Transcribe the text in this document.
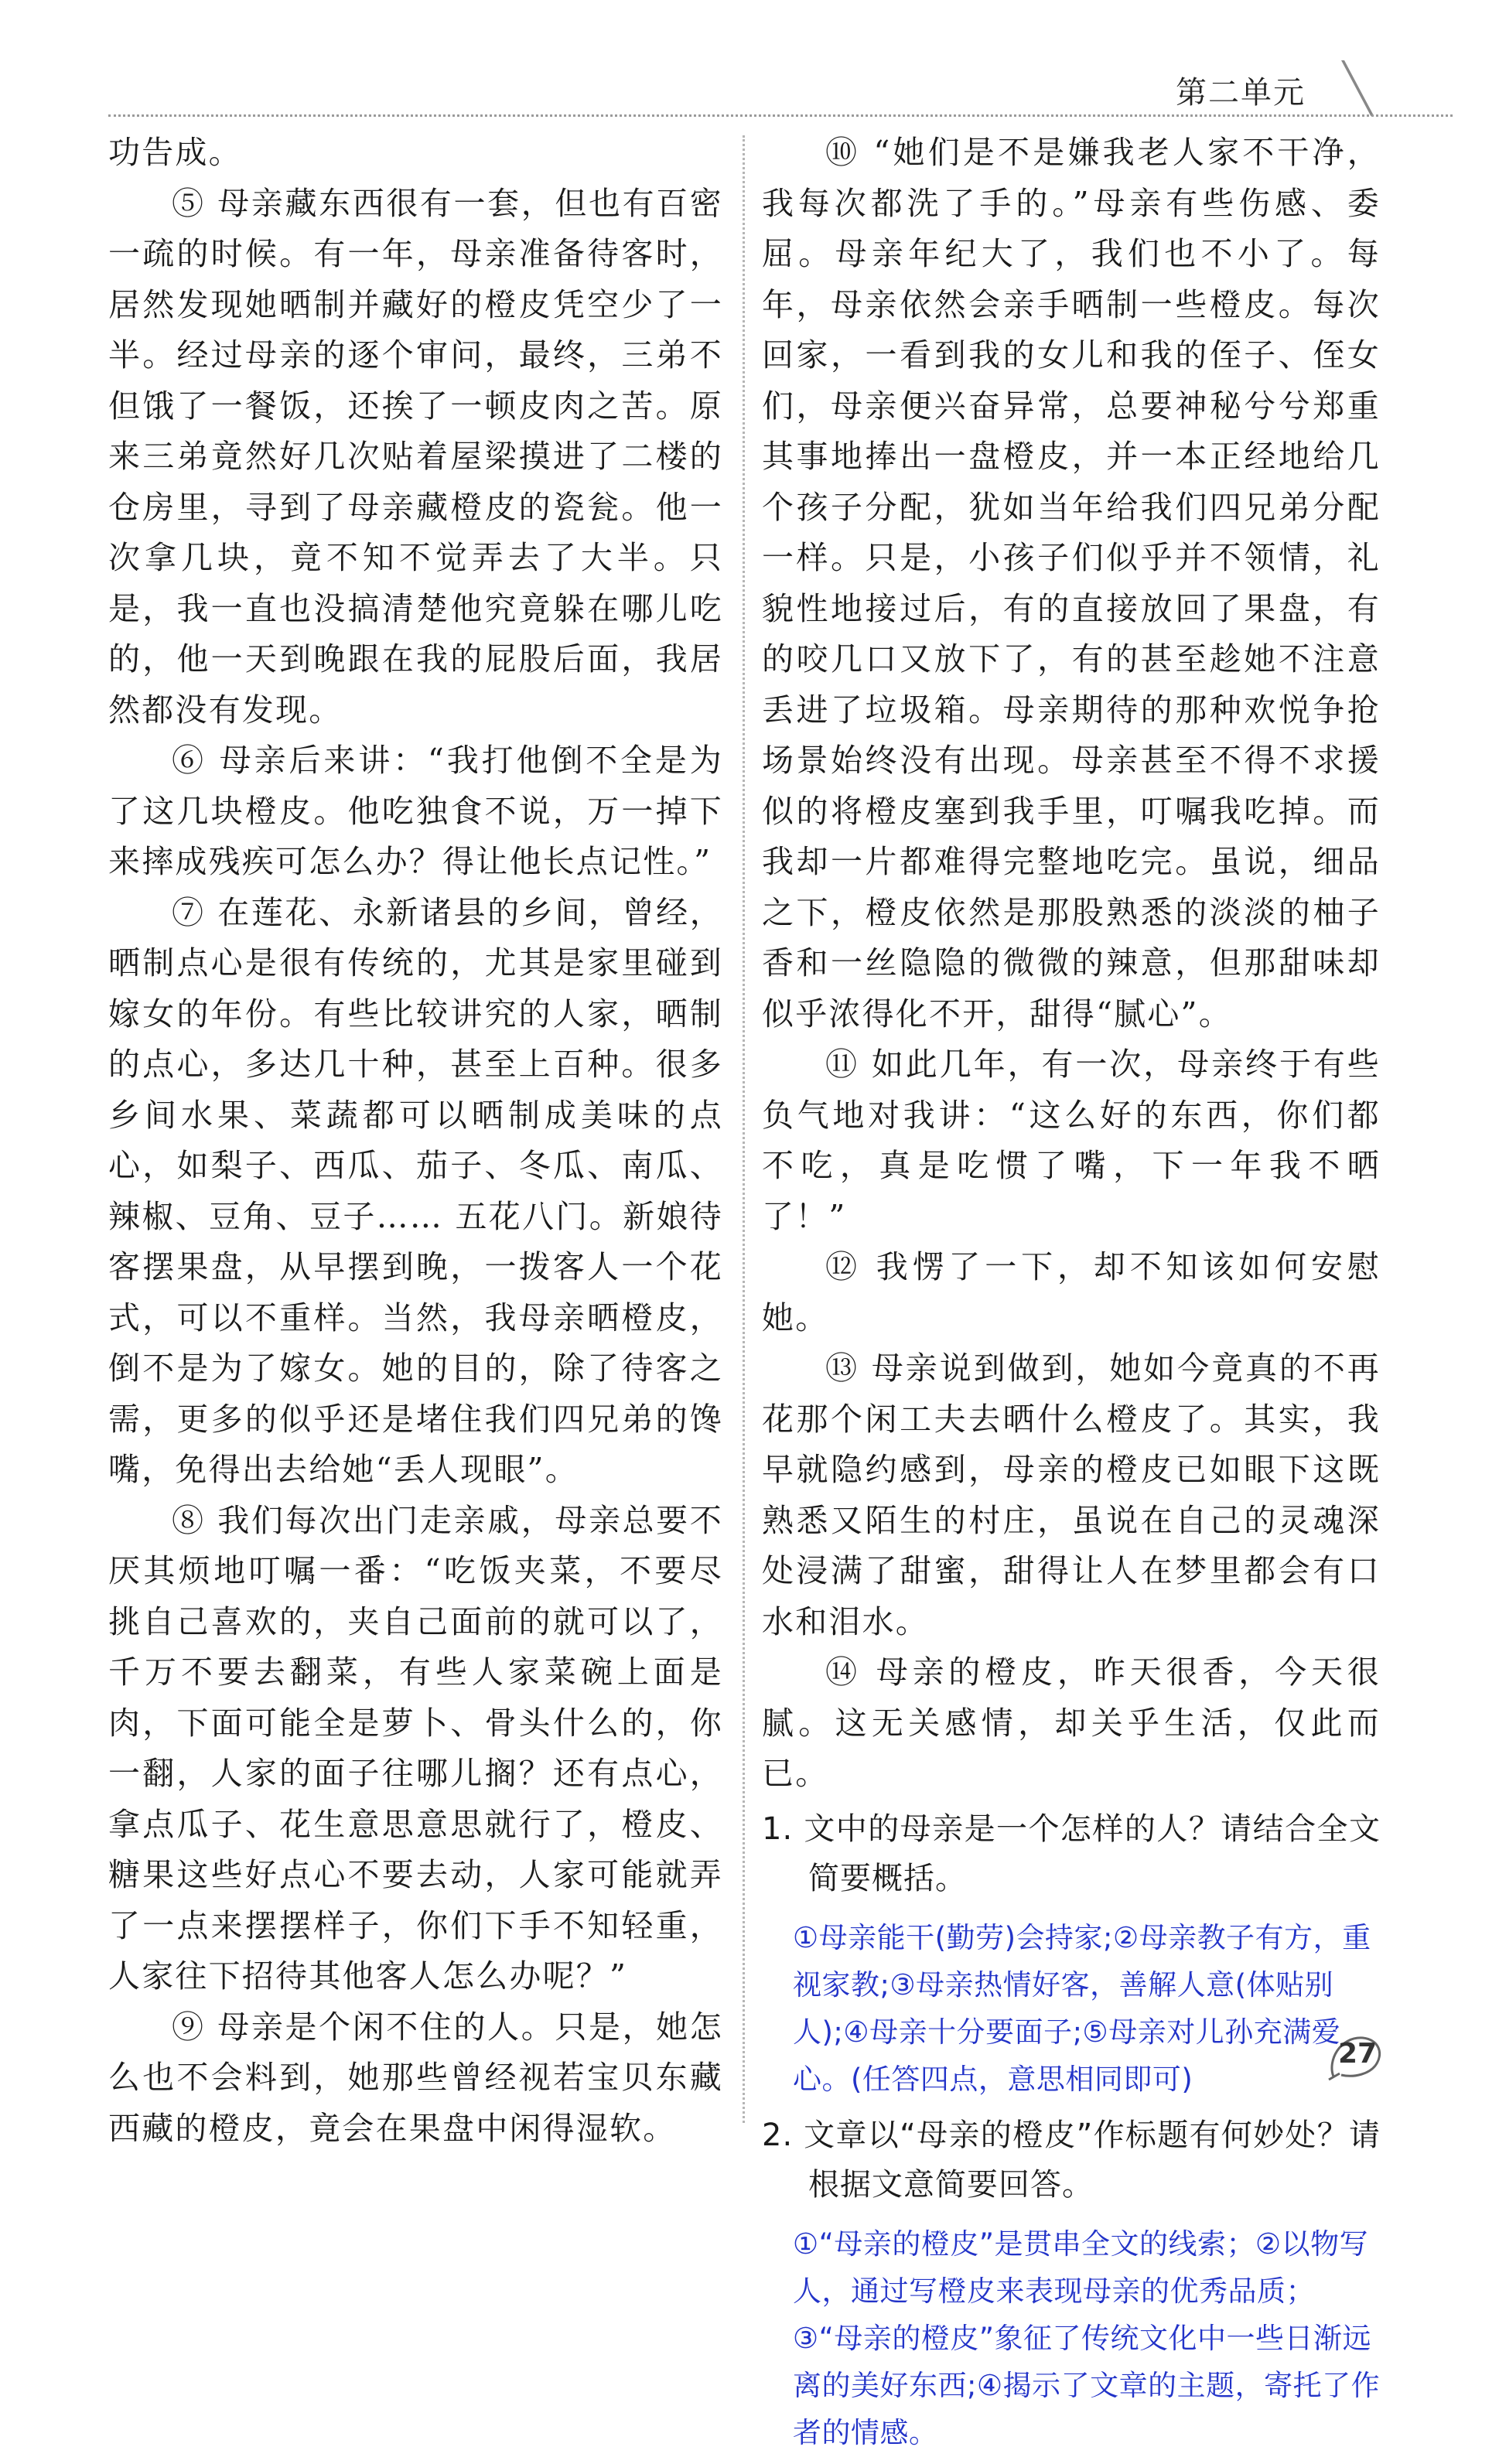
第二单元

功告成。

⑤ 母亲藏东西很有一套，但也有百密一疏的时候。有一年，母亲准备待客时，居然发现她晒制并藏好的橙皮凭空少了一半。经过母亲的逐个审问，最终，三弟不但饿了一餐饭，还挨了一顿皮肉之苦。原来三弟竟然好几次贴着屋梁摸进了二楼的仓房里，寻到了母亲藏橙皮的瓷瓮。他一次拿几块，竟不知不觉弄去了大半。只是，我一直也没搞清楚他究竟躲在哪儿吃的，他一天到晚跟在我的屁股后面，我居然都没有发现。

⑥ 母亲后来讲：“我打他倒不全是为了这几块橙皮。他吃独食不说，万一掉下来摔成残疾可怎么办？得让他长点记性。”

⑦ 在莲花、永新诸县的乡间，曾经，晒制点心是很有传统的，尤其是家里碰到嫁女的年份。有些比较讲究的人家，晒制的点心，多达几十种，甚至上百种。很多乡间水果、菜蔬都可以晒制成美味的点心，如梨子、西瓜、茄子、冬瓜、南瓜、辣椒、豆角、豆子…… 五花八门。新娘待客摆果盘，从早摆到晚，一拨客人一个花式，可以不重样。当然，我母亲晒橙皮，倒不是为了嫁女。她的目的，除了待客之需，更多的似乎还是堵住我们四兄弟的馋嘴，免得出去给她“丢人现眼”。

⑧ 我们每次出门走亲戚，母亲总要不厌其烦地叮嘱一番：“吃饭夹菜，不要尽挑自己喜欢的，夹自己面前的就可以了，千万不要去翻菜，有些人家菜碗上面是肉，下面可能全是萝卜、骨头什么的，你一翻，人家的面子往哪儿搁？还有点心，拿点瓜子、花生意思意思就行了，橙皮、糖果这些好点心不要去动，人家可能就弄了一点来摆摆样子，你们下手不知轻重，人家往下招待其他客人怎么办呢？”

⑨ 母亲是个闲不住的人。只是，她怎么也不会料到，她那些曾经视若宝贝东藏西藏的橙皮，竟会在果盘中闲得湿软。

⑩ “她们是不是嫌我老人家不干净，我每次都洗了手的。”母亲有些伤感、委屈。母亲年纪大了，我们也不小了。每年，母亲依然会亲手晒制一些橙皮。每次回家，一看到我的女儿和我的侄子、侄女们，母亲便兴奋异常，总要神秘兮兮郑重其事地捧出一盘橙皮，并一本正经地给几个孩子分配，犹如当年给我们四兄弟分配一样。只是，小孩子们似乎并不领情，礼貌性地接过后，有的直接放回了果盘，有的咬几口又放下了，有的甚至趁她不注意丢进了垃圾箱。母亲期待的那种欢悦争抢场景始终没有出现。母亲甚至不得不求援似的将橙皮塞到我手里，叮嘱我吃掉。而我却一片都难得完整地吃完。虽说，细品之下，橙皮依然是那股熟悉的淡淡的柚子香和一丝隐隐的微微的辣意，但那甜味却似乎浓得化不开，甜得“腻心”。

⑪ 如此几年，有一次，母亲终于有些负气地对我讲：“这么好的东西，你们都不吃，真是吃惯了嘴，下一年我不晒了！”

⑫ 我愣了一下，却不知该如何安慰她。

⑬ 母亲说到做到，她如今竟真的不再花那个闲工夫去晒什么橙皮了。其实，我早就隐约感到，母亲的橙皮已如眼下这既熟悉又陌生的村庄，虽说在自己的灵魂深处浸满了甜蜜，甜得让人在梦里都会有口水和泪水。

⑭ 母亲的橙皮，昨天很香，今天很腻。这无关感情，却关乎生活，仅此而已。

1. 文中的母亲是一个怎样的人？请结合全文简要概括。
①母亲能干(勤劳)会持家;②母亲教子有方，重视家教;③母亲热情好客，善解人意(体贴别人);④母亲十分要面子;⑤母亲对儿孙充满爱心。(任答四点，意思相同即可)
2. 文章以“母亲的橙皮”作标题有何妙处？请根据文意简要回答。
①“母亲的橙皮”是贯串全文的线索；②以物写人，通过写橙皮来表现母亲的优秀品质；③“母亲的橙皮”象征了传统文化中一些日渐远离的美好东西;④揭示了文章的主题，寄托了作者的情感。
27
